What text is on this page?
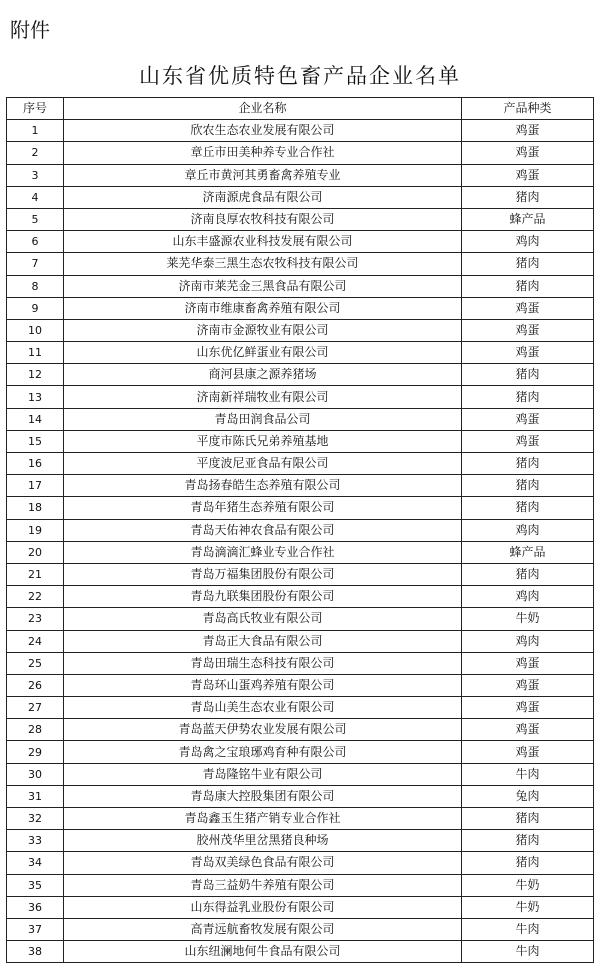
附件
山东省优质特色畜产品企业名单
序号	企业名称	产品种类
1	欣农生态农业发展有限公司	鸡蛋
2	章丘市田美种养专业合作社	鸡蛋
3	章丘市黄河其勇畜禽养殖专业	鸡蛋
4	济南源虎食品有限公司	猪肉
5	济南良厚农牧科技有限公司	蜂产品
6	山东丰盛源农业科技发展有限公司	鸡肉
7	莱芜华泰三黑生态农牧科技有限公司	猪肉
8	济南市莱芜金三黑食品有限公司	猪肉
9	济南市维康畜禽养殖有限公司	鸡蛋
10	济南市金源牧业有限公司	鸡蛋
11	山东优亿鲜蛋业有限公司	鸡蛋
12	商河县康之源养猪场	猪肉
13	济南新祥瑞牧业有限公司	猪肉
14	青岛田润食品公司	鸡蛋
15	平度市陈氏兄弟养殖基地	鸡蛋
16	平度波尼亚食品有限公司	猪肉
17	青岛扬春皓生态养殖有限公司	猪肉
18	青岛年猪生态养殖有限公司	猪肉
19	青岛天佑神农食品有限公司	鸡肉
20	青岛滴滴汇蜂业专业合作社	蜂产品
21	青岛万福集团股份有限公司	猪肉
22	青岛九联集团股份有限公司	鸡肉
23	青岛高氏牧业有限公司	牛奶
24	青岛正大食品有限公司	鸡肉
25	青岛田瑞生态科技有限公司	鸡蛋
26	青岛环山蛋鸡养殖有限公司	鸡蛋
27	青岛山美生态农业有限公司	鸡蛋
28	青岛蓝天伊势农业发展有限公司	鸡蛋
29	青岛禽之宝琅琊鸡育种有限公司	鸡蛋
30	青岛隆铭牛业有限公司	牛肉
31	青岛康大控股集团有限公司	兔肉
32	青岛鑫玉生猪产销专业合作社	猪肉
33	胶州茂华里岔黑猪良种场	猪肉
34	青岛双美绿色食品有限公司	猪肉
35	青岛三益奶牛养殖有限公司	牛奶
36	山东得益乳业股份有限公司	牛奶
37	高青远航畜牧发展有限公司	牛肉
38	山东纽澜地何牛食品有限公司	牛肉
